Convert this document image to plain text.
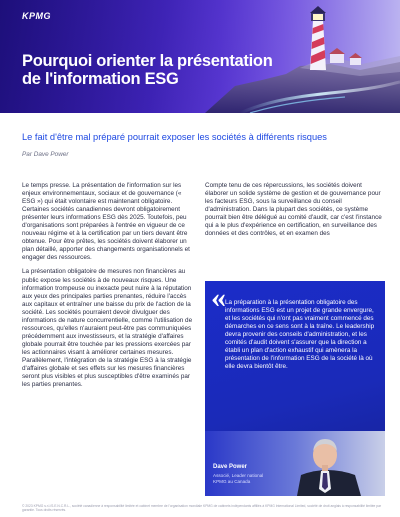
KPMG
Pourquoi orienter la présentation de l'information ESG
Le fait d'être mal préparé pourrait exposer les sociétés à différents risques
Par Dave Power

Le temps presse. La présentation de l'information sur les enjeux environnementaux, sociaux et de gouvernance (« ESG ») qui était volontaire est maintenant obligatoire. Certaines sociétés canadiennes devront obligatoirement présenter leurs informations ESG dès 2025. Toutefois, peu d'organisations sont préparées à l'entrée en vigueur de ce nouveau régime et à la certification par un tiers devant être obtenue. Pour être prêtes, les sociétés doivent élaborer un plan détaillé, apporter des changements organisationnels et engager des ressources.

La présentation obligatoire de mesures non financières au public expose les sociétés à de nouveaux risques. Une information trompeuse ou inexacte peut nuire à la réputation aux yeux des principales parties prenantes, réduire l'accès aux capitaux et entraîner une baisse du prix de l'action de la société. Les sociétés pourraient devoir divulguer des informations de nature concurrentielle, comme l'utilisation de ressources, qu'elles n'auraient peut-être pas communiquées précédemment aux investisseurs, et la stratégie d'affaires globale pourrait être touchée par les pressions exercées par les actionnaires visant à améliorer certaines mesures. Parallèlement, l'intégration de la stratégie ESG à la stratégie d'affaires globale et ses effets sur les mesures financières seront plus visibles et plus susceptibles d'être examinés par les parties prenantes.

Compte tenu de ces répercussions, les sociétés doivent élaborer un solide système de gestion et de gouvernance pour les facteurs ESG, sous la surveillance du conseil d'administration. Dans la plupart des sociétés, ce système pourrait bien être délégué au comité d'audit, car c'est l'instance qui a le plus d'expérience en certification, en surveillance des données et des contrôles, et en examen des

« La préparation à la présentation obligatoire des informations ESG est un projet de grande envergure, et les sociétés qui n'ont pas vraiment commencé des démarches en ce sens sont à la traîne. Le leadership devra provenir des conseils d'administration, et les comités d'audit doivent s'assurer que la direction a établi un plan d'action exhaustif qui amènera la présentation de l'information ESG de la société là où elle devra bientôt être.
Dave Power
Associé, Leader national
KPMG au Canada
© 2023 KPMG s.r.l./S.E.N.C.R.L., société canadienne à responsabilité limitée et cabinet membre de l'organisation mondiale KPMG de cabinets indépendants affiliés à KPMG International Limited, société de droit anglais à responsabilité limitée par garantie. Tous droits réservés.
